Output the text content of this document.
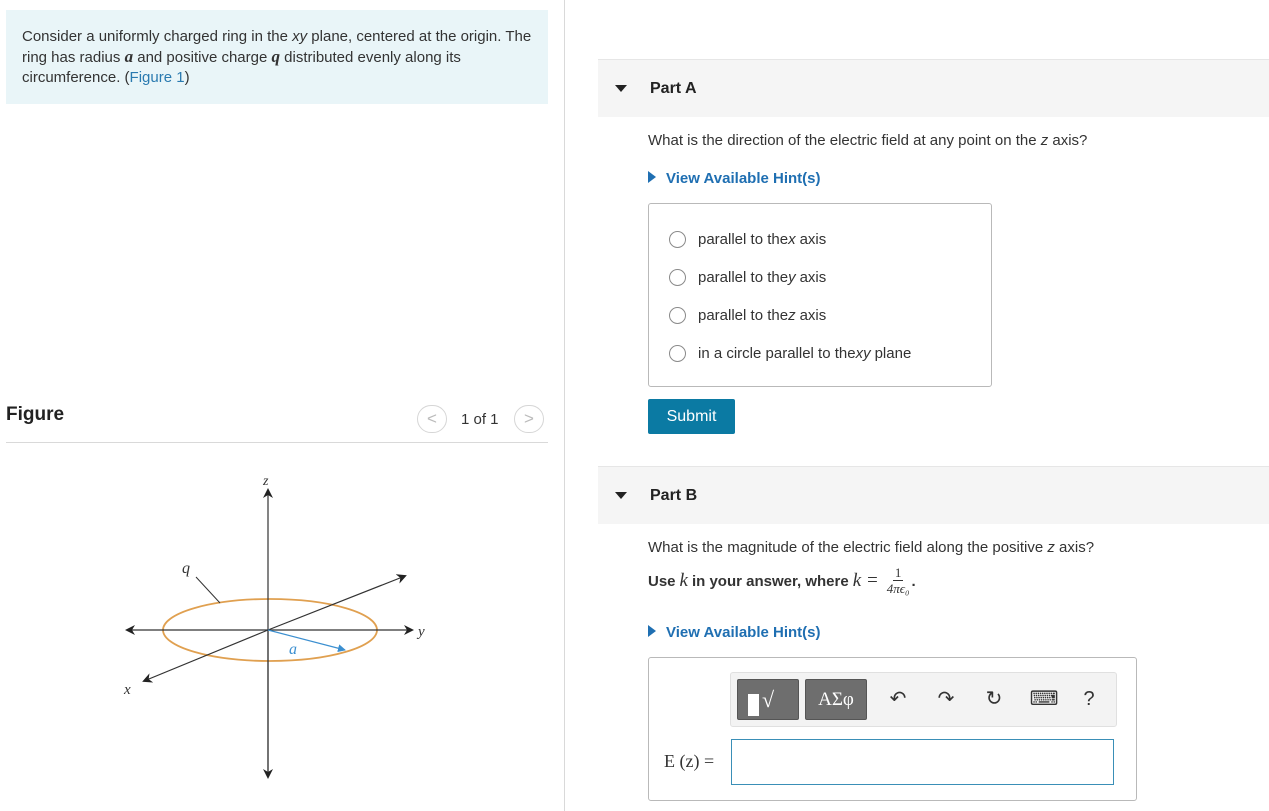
Consider a uniformly charged ring in the xy plane, centered at the origin. The ring has radius a and positive charge q distributed evenly along its circumference. (Figure 1)
Figure	<	1 of 1	>
z
y
x
q
a
Part A
What is the direction of the electric field at any point on the z axis?
View Available Hint(s)
parallel to the x axis
parallel to the y axis
parallel to the z axis
in a circle parallel to the xy plane
Submit
Part B
What is the magnitude of the electric field along the positive z axis?
Use k in your answer, where $k = \frac{1}{\text{4πϵ₀}}$ .
View Available Hint(s)
√	ΑΣφ	↶ ↷ ↻ ⌨	?
E (z) =
